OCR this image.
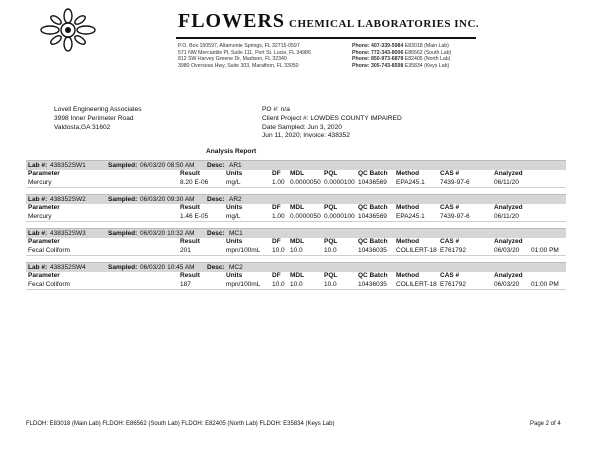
FLOWERS CHEMICAL LABORATORIES INC.
P.O. Box 150597, Altamonte Springs, FL 32715-0597
571 NW Mercantile Pl, Suite 111, Port St. Lucie, FL 34986
812 SW Harvey Greene Dr, Madison, FL 32340
3980 Overseas Hwy, Suite 303, Marathon, FL 33050
Phone: 407-339-5984 E83018 (Main Lab)
Phone: 772-343-8006 E86562 (South Lab)
Phone: 850-973-6878 E82405 (North Lab)
Phone: 305-743-8598 E35834 (Keys Lab)
Lovell Engineering Associates
3998 Inner Perimeter Road
Valdosta,GA 31602
PO #: n/a
Client Project #: LOWDES COUNTY IMPAIRED
Date Sampled: Jun 3, 2020
Jun 11, 2020; Invoice: 438352
Analysis Report
Lab #: 438352SW1	Sampled: 06/03/20 08:50 AM Desc: AR1
Parameter	Result	Units	DF MDL	PQL	QC Batch Method	CAS #	Analyzed
Mercury	8.20 E-06	mg/L	1.00 0.0000050 0.0000100 10436569 EPA245.1 7439-97-6	06/11/20
Lab #: 438352SW2	Sampled: 06/03/20 09:30 AM Desc: AR2
Parameter	Result	Units	DF MDL	PQL	QC Batch Method	CAS #	Analyzed
Mercury	1.46 E-05	mg/L	1.00 0.0000050 0.0000100 10436569 EPA245.1 7439-97-6	06/11/20
Lab #: 438352SW3	Sampled: 06/03/20 10:32 AM Desc: MC1
Parameter	Result	Units	DF MDL	PQL	QC Batch Method	CAS #	Analyzed
Fecal Coliform	201	mpn/100mL 10.0 10.0	10.0	10436035 COLILERT-18 E761792	06/03/20 01:00 PM
Lab #: 438352SW4	Sampled: 06/03/20 10:45 AM Desc: MC2
Parameter	Result	Units	DF MDL	PQL	QC Batch Method	CAS #	Analyzed
Fecal Coliform	187	mpn/100mL 10.0 10.0	10.0	10436035 COLILERT-18 E761792	06/03/20 01:00 PM
FLDOH: E83018 (Main Lab) FLDOH: E86562 (South Lab) FLDOH: E82405 (North Lab) FLDOH: E35834 (Keys Lab)	Page 2 of 4
